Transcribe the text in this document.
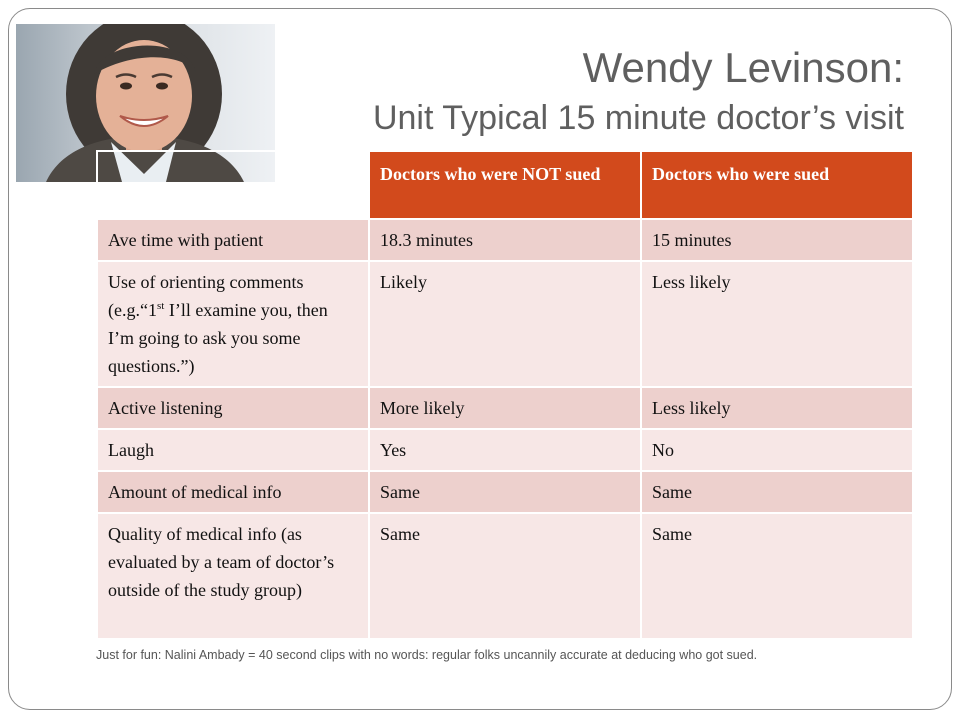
Wendy Levinson:
Unit Typical 15 minute doctor’s visit
	Doctors who were NOT sued	Doctors who were sued
Ave time with patient	18.3 minutes	15 minutes
Use of orienting comments (e.g.“1st I’ll examine you, then I’m going to ask you some questions.”)	Likely	Less likely
Active listening	More likely	Less likely
Laugh	Yes	No
Amount of medical info	Same	Same
Quality of medical info (as evaluated by a team of doctor’s outside of the study group)	Same	Same
Just for fun: Nalini Ambady = 40 second clips with no words: regular folks uncannily accurate at deducing who got sued.
